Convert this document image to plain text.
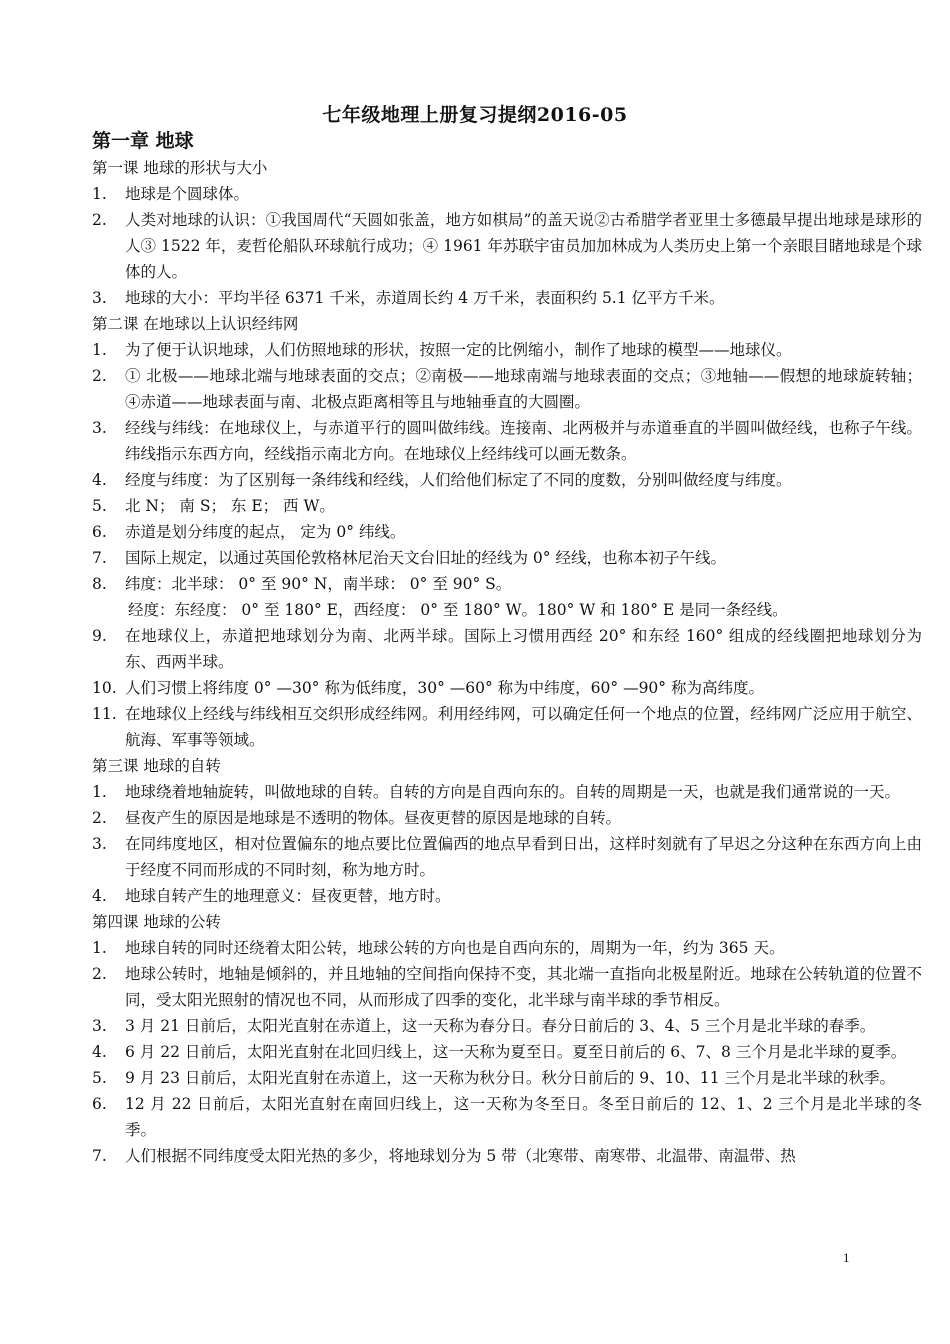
七年级地理上册复习提纲2016-05
第一章 地球
第一课 地球的形状与大小
1. 地球是个圆球体。
2. 人类对地球的认识：①我国周代“天圆如张盖，地方如棋局”的盖天说②古希腊学者亚里士多德最早提出地球是球形的人③ 1522 年，麦哲伦船队环球航行成功；④ 1961 年苏联宇宙员加加林成为人类历史上第一个亲眼目睹地球是个球体的人。
3. 地球的大小：平均半径 6371 千米，赤道周长约 4 万千米，表面积约 5.1 亿平方千米。
第二课 在地球以上认识经纬网
1. 为了便于认识地球，人们仿照地球的形状，按照一定的比例缩小，制作了地球的模型——地球仪。
2. ① 北极——地球北端与地球表面的交点；②南极——地球南端与地球表面的交点；③地轴——假想的地球旋转轴； ④赤道——地球表面与南、北极点距离相等且与地轴垂直的大圆圈。
3. 经线与纬线：在地球仪上，与赤道平行的圆叫做纬线。连接南、北两极并与赤道垂直的半圆叫做经线，也称子午线。纬线指示东西方向，经线指示南北方向。在地球仪上经纬线可以画无数条。
4. 经度与纬度：为了区别每一条纬线和经线，人们给他们标定了不同的度数，分别叫做经度与纬度。
5. 北 N； 南 S； 东 E； 西 W。
6. 赤道是划分纬度的起点， 定为 0° 纬线。
7. 国际上规定，以通过英国伦敦格林尼治天文台旧址的经线为 0° 经线，也称本初子午线。
8. 纬度：北半球： 0° 至 90° N，南半球： 0° 至 90° S。
经度：东经度： 0° 至 180° E，西经度： 0° 至 180° W。180° W 和 180° E 是同一条经线。
9. 在地球仪上，赤道把地球划分为南、北两半球。国际上习惯用西经 20° 和东经 160° 组成的经线圈把地球划分为东、西两半球。
10. 人们习惯上将纬度 0° —30° 称为低纬度，30° —60° 称为中纬度，60° —90° 称为高纬度。
11. 在地球仪上经线与纬线相互交织形成经纬网。利用经纬网，可以确定任何一个地点的位置，经纬网广泛应用于航空、航海、军事等领域。
第三课 地球的自转
1. 地球绕着地轴旋转，叫做地球的自转。自转的方向是自西向东的。自转的周期是一天，也就是我们通常说的一天。
2. 昼夜产生的原因是地球是不透明的物体。昼夜更替的原因是地球的自转。
3. 在同纬度地区，相对位置偏东的地点要比位置偏西的地点早看到日出，这样时刻就有了早迟之分这种在东西方向上由于经度不同而形成的不同时刻，称为地方时。
4. 地球自转产生的地理意义：昼夜更替，地方时。
第四课 地球的公转
1. 地球自转的同时还绕着太阳公转，地球公转的方向也是自西向东的，周期为一年，约为 365 天。
2. 地球公转时，地轴是倾斜的，并且地轴的空间指向保持不变，其北端一直指向北极星附近。地球在公转轨道的位置不同，受太阳光照射的情况也不同，从而形成了四季的变化，北半球与南半球的季节相反。
3. 3 月 21 日前后，太阳光直射在赤道上，这一天称为春分日。春分日前后的 3、4、5 三个月是北半球的春季。
4. 6 月 22 日前后，太阳光直射在北回归线上，这一天称为夏至日。夏至日前后的 6、7、8 三个月是北半球的夏季。
5. 9 月 23 日前后，太阳光直射在赤道上，这一天称为秋分日。秋分日前后的 9、10、11 三个月是北半球的秋季。
6. 12 月 22 日前后，太阳光直射在南回归线上，这一天称为冬至日。冬至日前后的 12、1、2 三个月是北半球的冬季。
7. 人们根据不同纬度受太阳光热的多少，将地球划分为 5 带（北寒带、南寒带、北温带、南温带、热
1
